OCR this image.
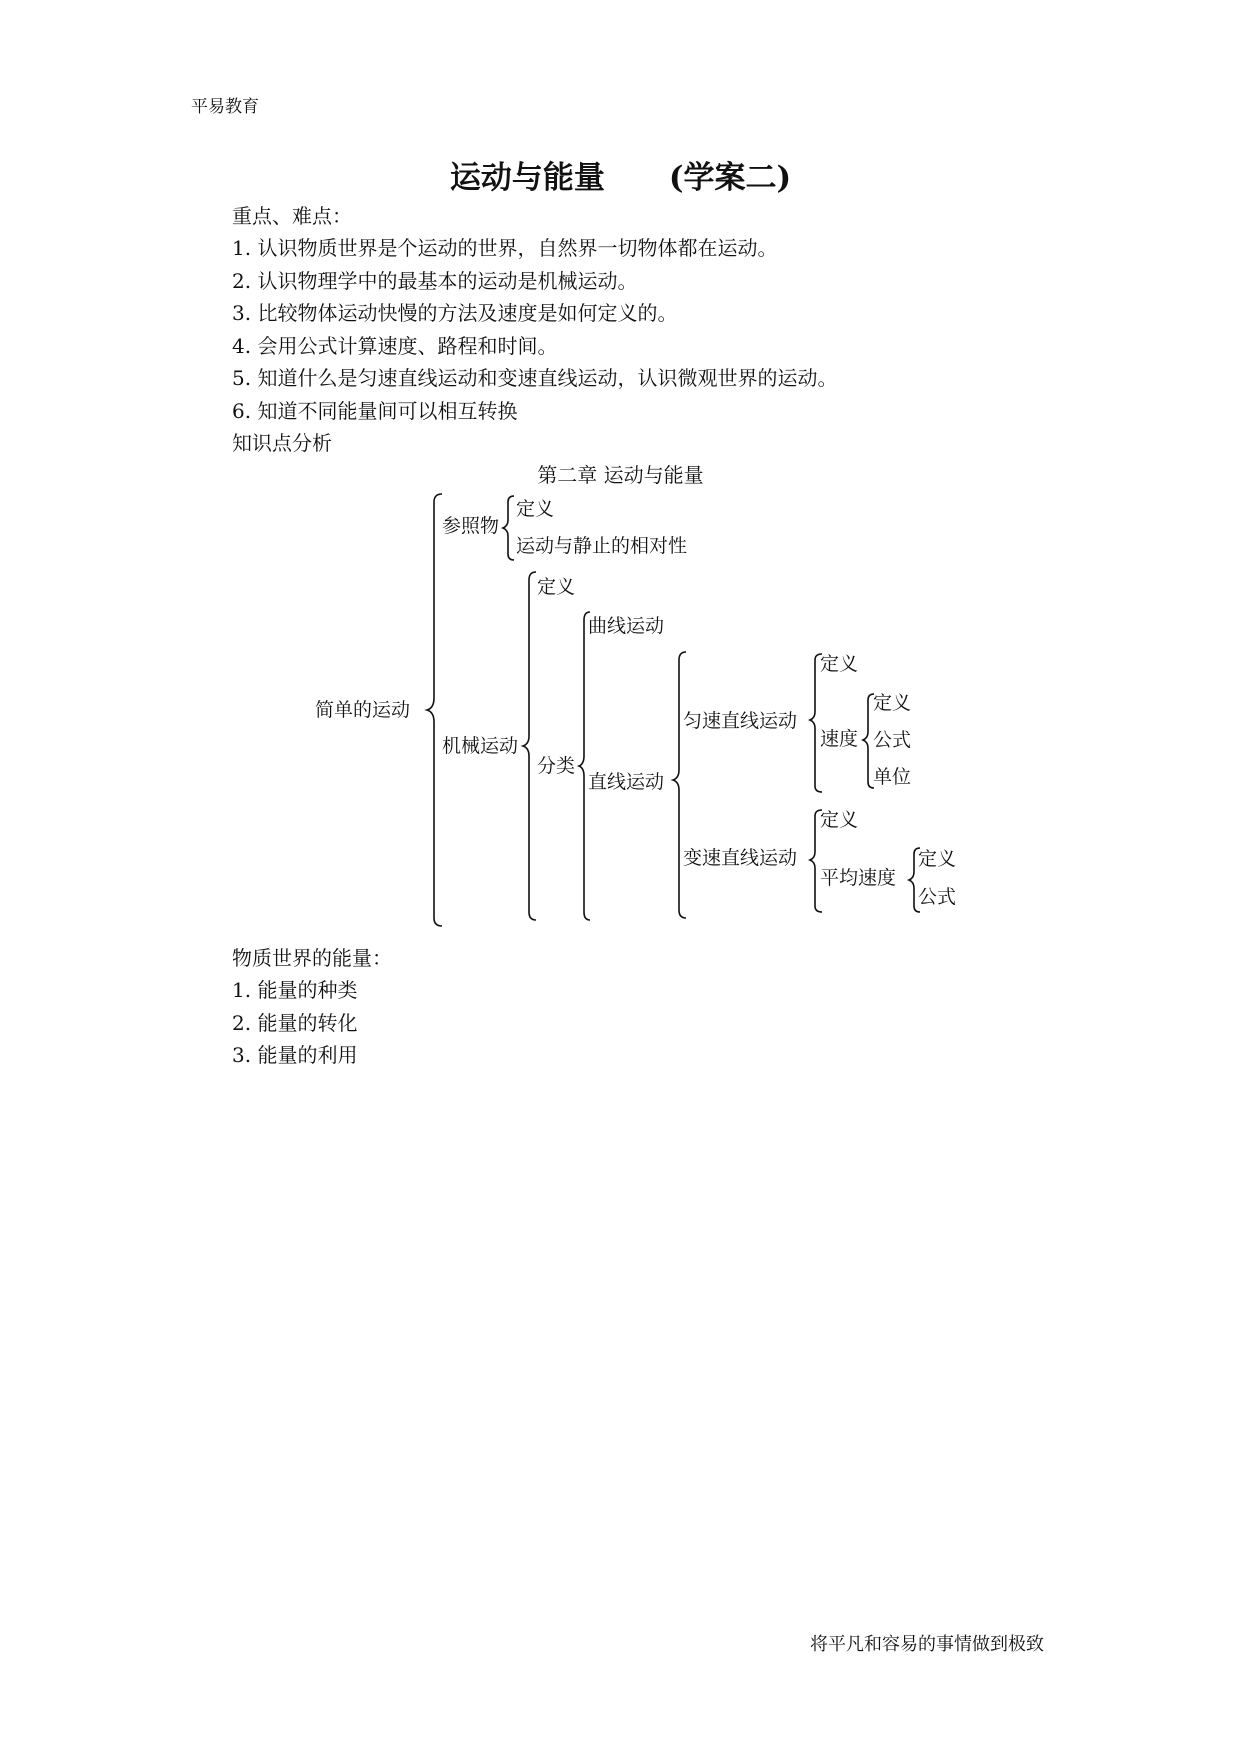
平易教育
运动与能量 (学案二)
重点、难点：
1. 认识物质世界是个运动的世界，自然界一切物体都在运动。
2. 认识物理学中的最基本的运动是机械运动。
3. 比较物体运动快慢的方法及速度是如何定义的。
4. 会用公式计算速度、路程和时间。
5. 知道什么是匀速直线运动和变速直线运动，认识微观世界的运动。
6. 知道不同能量间可以相互转换
知识点分析
第二章 运动与能量
简单的运动
参照物
定义
运动与静止的相对性
机械运动
定义
分类
曲线运动
直线运动
匀速直线运动
定义
速度
定义
公式
单位
变速直线运动
定义
平均速度
定义
公式
物质世界的能量：
1. 能量的种类
2. 能量的转化
3. 能量的利用
将平凡和容易的事情做到极致
